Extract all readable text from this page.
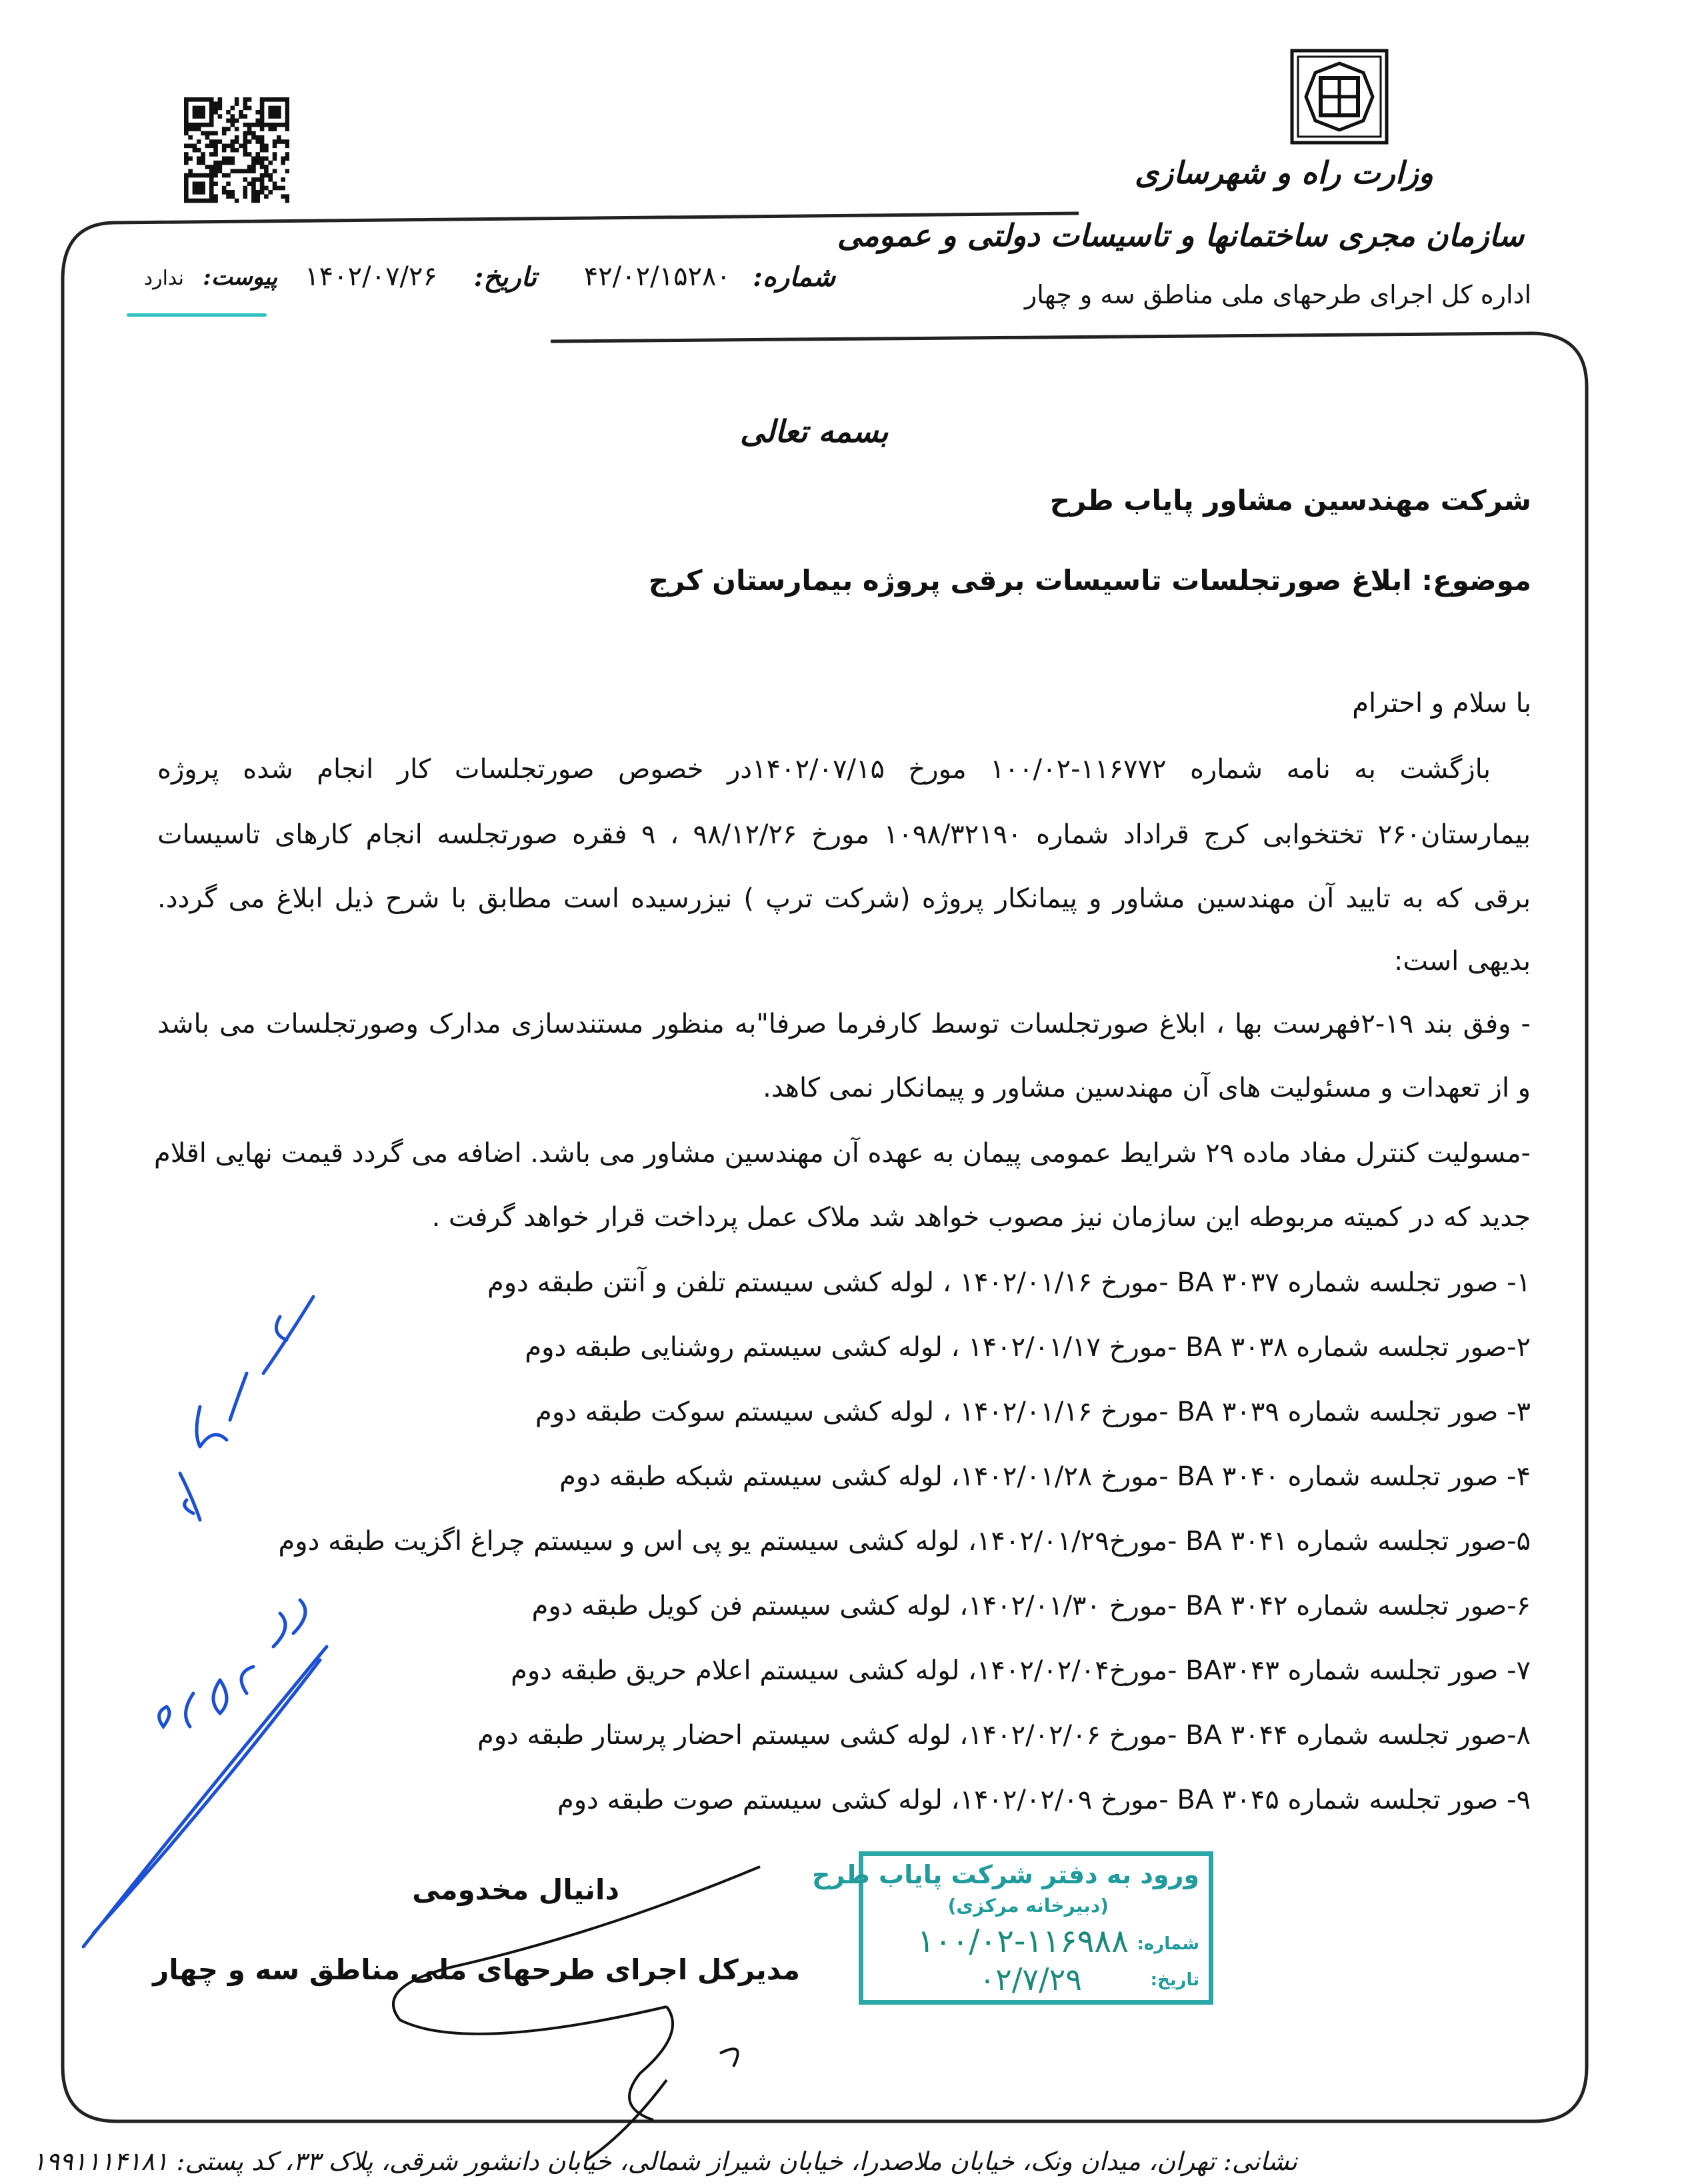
وزارت راه و شهرسازی
سازمان مجری ساختمانها و تاسیسات دولتی و عمومی
اداره کل اجرای طرحهای ملی مناطق سه و چهار
شماره:
۴۲/۰۲/۱۵۲۸۰
تاریخ:
۱۴۰۲/۰۷/۲۶
پیوست:
ندارد
بسمه تعالی
شرکت مهندسین مشاور پایاب طرح
موضوع: ابلاغ صورتجلسات تاسیسات برقی پروژه بیمارستان کرج
با سلام و احترام
بازگشت به نامه شماره ۱۱۶۷۷۲-۱۰۰/۰۲ مورخ ۱۴۰۲/۰۷/۱۵در خصوص صورتجلسات کار انجام شده پروژه
بیمارستان۲۶۰ تختخوابی کرج قراداد شماره ۱۰۹۸/۳۲۱۹۰ مورخ ۹۸/۱۲/۲۶ ، ۹ فقره صورتجلسه انجام کارهای تاسیسات
برقی که به تایید آن مهندسین مشاور و پیمانکار پروژه (شرکت ترپ ) نیزرسیده است مطابق با شرح ذیل ابلاغ می گردد.
بدیهی است:
- وفق بند ۱۹-۲فهرست بها ، ابلاغ صورتجلسات توسط کارفرما صرفا"به منظور مستندسازی مدارک وصورتجلسات می باشد
و از تعهدات و مسئولیت های آن مهندسین مشاور و پیمانکار نمی کاهد.
-مسولیت کنترل مفاد ماده ۲۹ شرایط عمومی پیمان به عهده آن مهندسین مشاور می باشد. اضافه می گردد قیمت نهایی اقلام
جدید که در کمیته مربوطه این سازمان نیز مصوب خواهد شد ملاک عمل پرداخت قرار خواهد گرفت .
۱- صور تجلسه شماره BA ۳۰۳۷ -مورخ ۱۴۰۲/۰۱/۱۶ ، لوله کشی سیستم تلفن و آنتن طبقه دوم
۲-صور تجلسه شماره BA ۳۰۳۸ -مورخ ۱۴۰۲/۰۱/۱۷ ، لوله کشی سیستم روشنایی طبقه دوم
۳- صور تجلسه شماره BA ۳۰۳۹ -مورخ ۱۴۰۲/۰۱/۱۶ ، لوله کشی سیستم سوکت طبقه دوم
۴- صور تجلسه شماره BA ۳۰۴۰ -مورخ ۱۴۰۲/۰۱/۲۸، لوله کشی سیستم شبکه طبقه دوم
۵-صور تجلسه شماره BA ۳۰۴۱ -مورخ۱۴۰۲/۰۱/۲۹، لوله کشی سیستم یو پی اس و سیستم چراغ اگزیت طبقه دوم
۶-صور تجلسه شماره BA ۳۰۴۲ -مورخ ۱۴۰۲/۰۱/۳۰، لوله کشی سیستم فن کویل طبقه دوم
۷- صور تجلسه شماره BA۳۰۴۳ -مورخ۱۴۰۲/۰۲/۰۴، لوله کشی سیستم اعلام حریق طبقه دوم
۸-صور تجلسه شماره BA ۳۰۴۴ -مورخ ۱۴۰۲/۰۲/۰۶، لوله کشی سیستم احضار پرستار طبقه دوم
۹- صور تجلسه شماره BA ۳۰۴۵ -مورخ ۱۴۰۲/۰۲/۰۹، لوله کشی سیستم صوت طبقه دوم
دانیال مخدومی
مدیرکل اجرای طرحهای ملی مناطق سه و چهار
ورود به دفتر شرکت پایاب طرح
(دبیرخانه مرکزی)
شماره:
۱۰۰/۰۲-۱۱۶۹۸۸
تاریخ:
۰۲/۷/۲۹
نشانی: تهران، میدان ونک، خیابان ملاصدرا، خیابان شیراز شمالی، خیابان دانشور شرقی، پلاک ۳۳، کد پستی: ۱۹۹۱۱۱۴۱۸۱
